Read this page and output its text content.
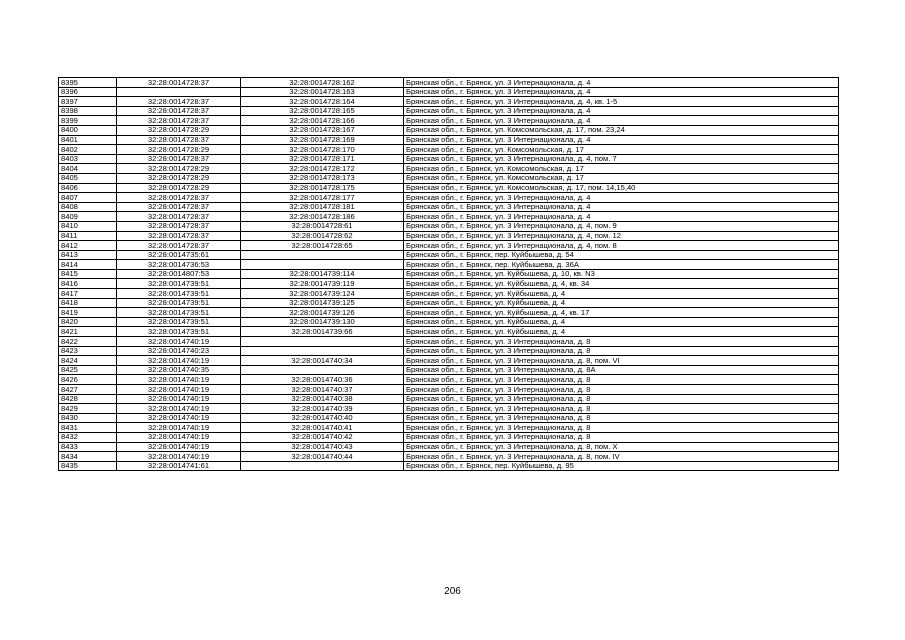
8395	32:28:0014728:37	32:28:0014728:162	Брянская обл., г. Брянск, ул. 3 Интернационала, д. 4
8396		32:28:0014728:163	Брянская обл., г. Брянск, ул. 3 Интернационала, д. 4
8397	32:28:0014728:37	32:28:0014728:164	Брянская обл., г. Брянск, ул. 3 Интернационала, д. 4, кв. 1-5
8398	32:28:0014728:37	32:28:0014728:165	Брянская обл., г. Брянск, ул. 3 Интернационала, д. 4
8399	32:28:0014728:37	32:28:0014728:166	Брянская обл., г. Брянск, ул. 3 Интернационала, д. 4
8400	32:28:0014728:29	32:28:0014728:167	Брянская обл., г. Брянск, ул. Комсомольская, д. 17, пом. 23,24
8401	32:28:0014728:37	32:28:0014728:169	Брянская обл., г. Брянск, ул. 3 Интернационала, д. 4
8402	32:28:0014728:29	32:28:0014728:170	Брянская обл., г. Брянск, ул. Комсомольская, д. 17
8403	32:28:0014728:37	32:28:0014728:171	Брянская обл., г. Брянск, ул. 3 Интернационала, д. 4, пом. 7
8404	32:28:0014728:29	32:28:0014728:172	Брянская обл., г. Брянск, ул. Комсомольская, д. 17
8405	32:28:0014728:29	32:28:0014728:173	Брянская обл., г. Брянск, ул. Комсомольская, д. 17
8406	32:28:0014728:29	32:28:0014728:175	Брянская обл., г. Брянск, ул. Комсомольская, д. 17, пом. 14,15,40
8407	32:28:0014728:37	32:28:0014728:177	Брянская обл., г. Брянск, ул. 3 Интернационала, д. 4
8408	32:28:0014728:37	32:28:0014728:181	Брянская обл., г. Брянск, ул. 3 Интернационала, д. 4
8409	32:28:0014728:37	32:28:0014728:186	Брянская обл., г. Брянск, ул. 3 Интернационала, д. 4
8410	32:28:0014728:37	32:28:0014728:61	Брянская обл., г. Брянск, ул. 3 Интернационала, д. 4, пом. 9
8411	32:28:0014728:37	32:28:0014728:62	Брянская обл., г. Брянск, ул. 3 Интернационала, д. 4, пом. 12
8412	32:28:0014728:37	32:28:0014728:65	Брянская обл., г. Брянск, ул. 3 Интернационала, д. 4, пом. 8
8413	32:28:0014735:61		Брянская обл., г. Брянск, пер. Куйбышева, д. 54
8414	32:28:0014736:53		Брянская обл., г. Брянск, пер. Куйбышева, д. 36А
8415	32:28:0014807:53	32:28:0014739:114	Брянская обл., г. Брянск, ул. Куйбышева, д. 10, кв. N3
8416	32:28:0014739:51	32:28:0014739:119	Брянская обл., г. Брянск, ул. Куйбышева, д. 4, кв. 34
8417	32:28:0014739:51	32:28:0014739:124	Брянская обл., г. Брянск, ул. Куйбышева, д. 4
8418	32:28:0014739:51	32:28:0014739:125	Брянская обл., г. Брянск, ул. Куйбышева, д. 4
8419	32:28:0014739:51	32:28:0014739:126	Брянская обл., г. Брянск, ул. Куйбышева, д. 4, кв. 17
8420	32:28:0014739:51	32:28:0014739:130	Брянская обл., г. Брянск, ул. Куйбышева, д. 4
8421	32:28:0014739:51	32:28:0014739:66	Брянская обл., г. Брянск, ул. Куйбышева, д. 4
8422	32:28:0014740:19		Брянская обл., г. Брянск, ул. 3 Интернационала, д. 8
8423	32:28:0014740:23		Брянская обл., г. Брянск, ул. 3 Интернационала, д. 8
8424	32:28:0014740:19	32:28:0014740:34	Брянская обл., г. Брянск, ул. 3 Интернационала, д. 8, пом. VI
8425	32:28:0014740:35		Брянская обл., г. Брянск, ул. 3 Интернационала, д. 8А
8426	32:28:0014740:19	32:28:0014740:36	Брянская обл., г. Брянск, ул. 3 Интернационала, д. 8
8427	32:28:0014740:19	32:28:0014740:37	Брянская обл., г. Брянск, ул. 3 Интернационала, д. 8
8428	32:28:0014740:19	32:28:0014740:38	Брянская обл., г. Брянск, ул. 3 Интернационала, д. 8
8429	32:28:0014740:19	32:28:0014740:39	Брянская обл., г. Брянск, ул. 3 Интернационала, д. 8
8430	32:28:0014740:19	32:28:0014740:40	Брянская обл., г. Брянск, ул. 3 Интернационала, д. 8
8431	32:28:0014740:19	32:28:0014740:41	Брянская обл., г. Брянск, ул. 3 Интернационала, д. 8
8432	32:28:0014740:19	32:28:0014740:42	Брянская обл., г. Брянск, ул. 3 Интернационала, д. 8
8433	32:28:0014740:19	32:28:0014740:43	Брянская обл., г. Брянск, ул. 3 Интернационала, д. 8, пом. Х
8434	32:28:0014740:19	32:28:0014740:44	Брянская обл., г. Брянск, ул. 3 Интернационала, д. 8, пом. IV
8435	32:28:0014741:61		Брянская обл., г. Брянск, пер. Куйбышева, д. 95
206
